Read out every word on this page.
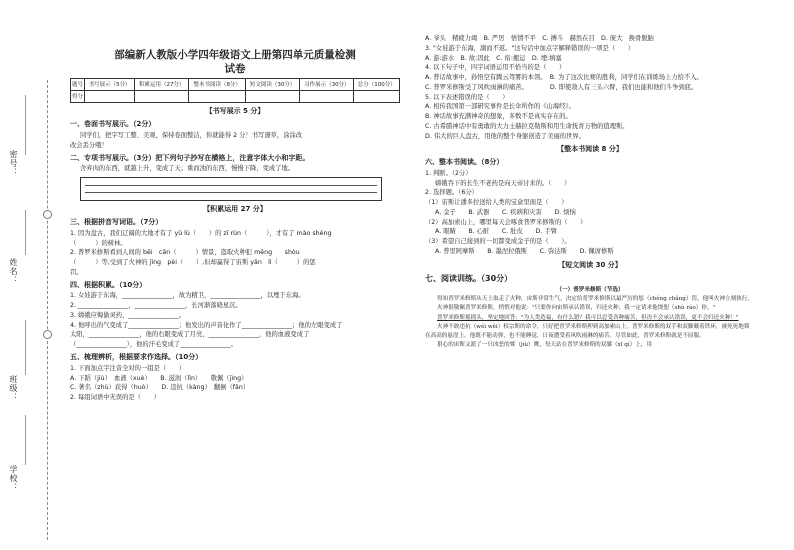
密号：
姓名：
班级：
学校：
部编新人教版小学四年级语文上册第四单元质量检测
试卷
题号	书写展示（5分）	积累运用（27分）	整本书阅读（8分）	短文阅读（30分）	习作展示（30分）	总分（100分）
得分						
【书写展示 5 分】
一、卷面书写展示。（2分）
同学们，把字写工整、美观，保持卷面整洁，你就能得 2 分！书写潦草，涂涂改
改会丢分哦！
二、专项书写展示。（3分）把下列句子抄写在横格上，注意字体大小和字距。
舍弃肉的东西，就越上升，变成了天；重而浊的东西，慢慢下降，变成了地。
【积累运用 27 分】
三、根据拼音写词语。（7分）
1. 因为盘古，我们辽阔的大地才有了 yǔ lù（　　）的 zī rùn（　　　），才有了 mào shèng
（　　　）的树林。
2. 普罗米修斯看到人间的 bēi　cǎn（　　　）情景，盗取火种犯 mēng　　shòu
（　　　）等,受到了火神的 jīng　pèi（　　）,但却赢得了宙斯 yǎn　lì（　　　）的惩
罚。
四、根据积累。（10分）
1. 女娃游于东海，________________，故为精卫，________________，以堙于东海。
2. ________________，________________，长河渐落晓星沉。
3. 嫦娥应悔偷灵药，________________。
4. 他呼出的气变成了________________；他发出的声音化作了________________；他的左眼变成了
太阳，________________，他的右眼变成了月亮，________________，他的血液变成了
（________________），他的汗毛变成了________________。
五、梳理辨析，根据要求作选择。（10分）
1. 下面加点字注音全对的一组是（　　）
A. 下蹈（jiù）　血液（xuè）　　B. 滋润（lìn）　　敬佩（jìng）
C. 著名（zhù）获得（huò）　　D. 违抗（kàng）　翻倒（fǎn）
2. 每组词语中无误的是（　　）
A. 爷头　精疲力竭　B. 严厉　悟情不平　C. 搏斗　赫然在目　D. 庞大　换骨脱胎
3. "女娃游于东海，溺而不返。"这句话中加点字解释错误的一项是（　　）
A. 游:游水　B. 故:因此　C. 衔:搬运　D. 堙:填塞
4. 以下句子中，四字词语运用不恰当的是（　　）
A. 普话故事中，孙悟空有腾云驾雾的本领。　B. 为了这次比赛的胜利，同学们在训练场上力拾不入。
C. 普罗米修斯受了风吹雨淋的痛苦。　　　　D. 即使敌人有三头六臂，我们也能和他们斗争到底。
5. 以下表述错误的是（　　）
A. 相传我国第一部研究事件是长伞所作的《山海经》。
B. 神话故事充满神奇的想象，多数不是真实存在的。
C. 古希腊神话中有勇敢的大力士赫拉克勒斯和用生命抚育万物的值理斯。
D. 伟大的巨人盘古，用他的整个身躯创造了美丽的世界。
【整本书阅读 8 分】
六、整本书阅读。（8分）
1. 判断。（2分）
嫦娥吞下的长生不老药是向天帝讨来的。（　　）
2. 选择题。（6分）
（1）宙斯让潘多拉送给人类的宝盒里面是（　　）
A. 金子　　B. 武器　　C. 疾病和灾害　　D. 烦恼
（2）高加索山上，哪里每天会啄食普罗米修斯的（　　）
A. 眼睛　　B. 心脏　　C. 肚皮　　D. 手臂
（3）希望自己接到的一切都变成金子的是（　　）。
A. 普里阿摩斯　　B. 墨涅拉俄斯　　C. 弥达斯　　D. 佩席修斯
【短文阅读 30 分】
七、阅读训练。（30分）
（一）普罗米修斯（节选）

得知普罗米修斯从天上取走了火种，宙斯非常生气，决定给普罗米修斯以最严厉的惩（chéng chǎng）罚，他叫火神立刻执行。

火神很敬佩普罗米修斯，悄悄对他说："只要你向宙斯承认错误，归还火种，我一定请求他饶恕（shù ráo）你。"

普罗米修斯摇摇头，坚定地回答："为人类造福，有什么错？我可以忍受各种痛苦，但决不会承认错误，更不会归还火种！"

火神不敢违抗（wéi wěi）权宗斯的命令，只好把普罗米修斯押到高加索山上。普罗米修斯的双手和双脚戴着铁环，被死死地锁在高高的悬崖上。他既不能动弹，也不能睡觉，日夜遭受着风吹雨淋的痛苦。尽管如此，普罗米修斯就是不屈服。

狠心的宙斯又派了一只凶恶的鹫（jiù）鹰，每天站在普罗米修斯的双膝（xī qì）上，用
